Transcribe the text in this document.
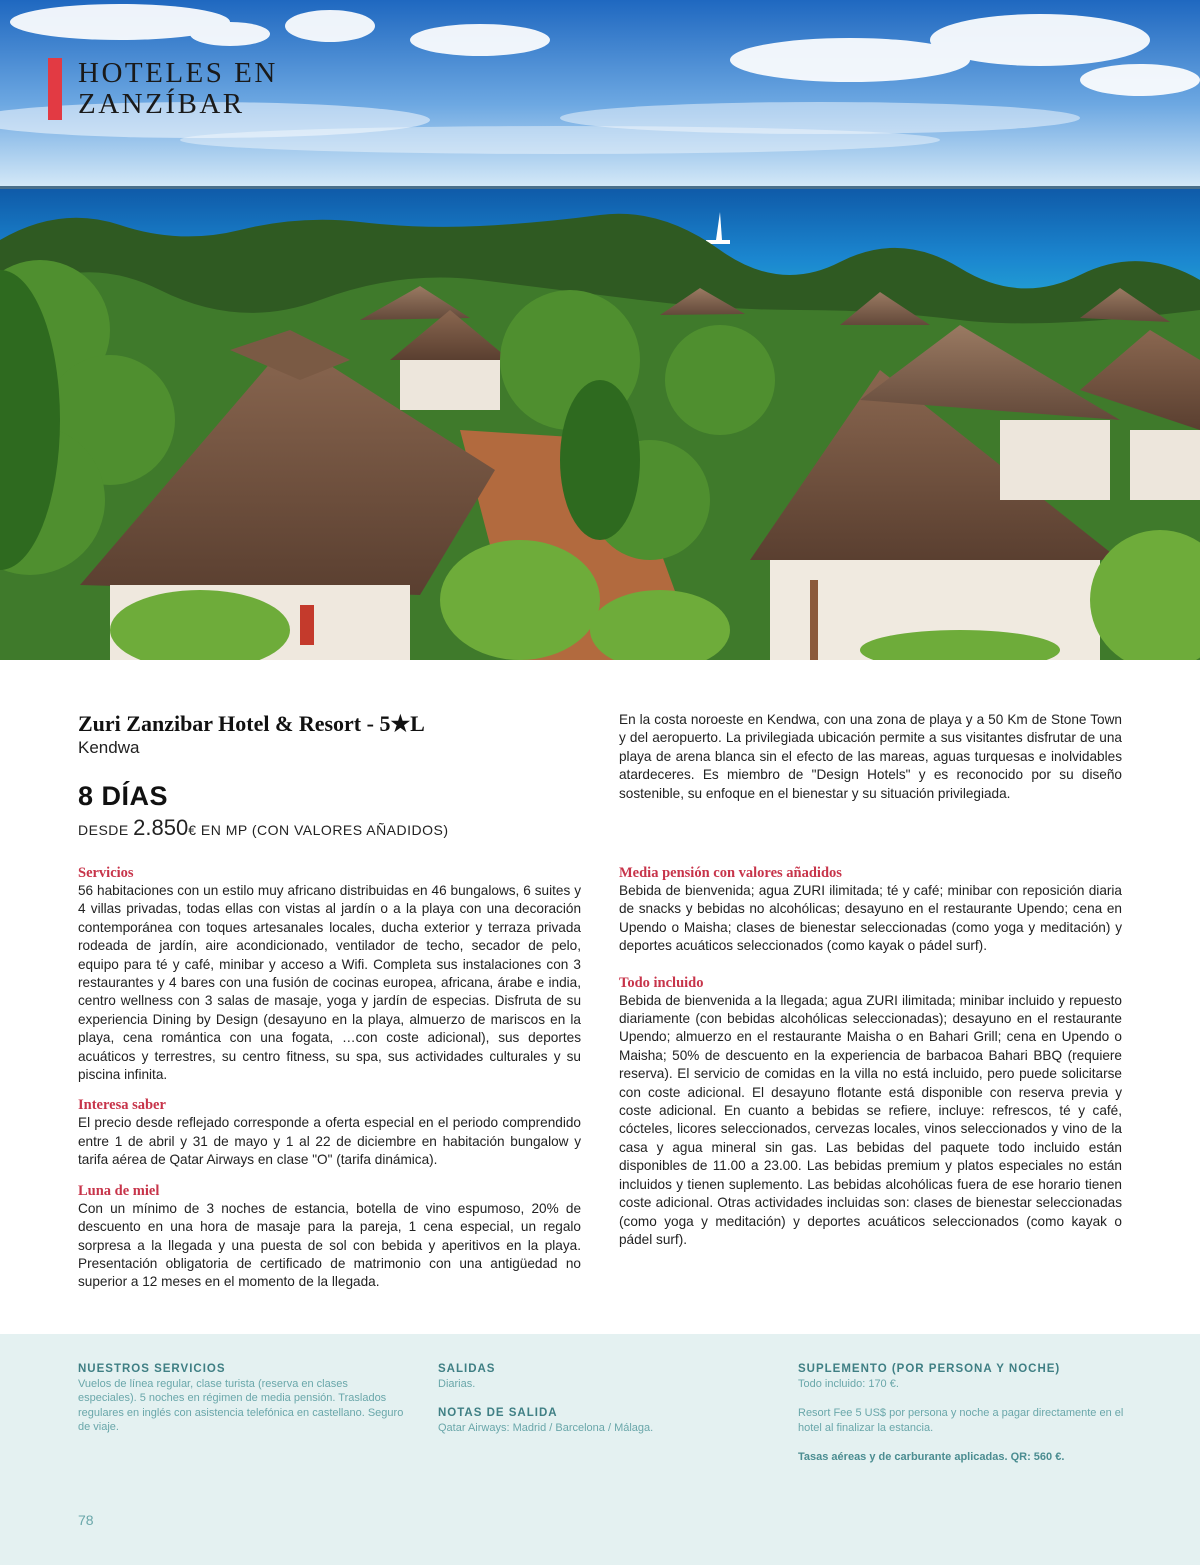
HOTELES EN
ZANZÍBAR
Zuri Zanzibar Hotel & Resort - 5★L
Kendwa
8 DÍAS
DESDE 2.850€ EN MP (CON VALORES AÑADIDOS)

En la costa noroeste en Kendwa, con una zona de playa y a 50 Km de Stone Town y del aeropuerto. La privilegiada ubicación permite a sus visitantes disfrutar de una playa de arena blanca sin el efecto de las mareas, aguas turquesas e inolvidables atardeceres. Es miembro de "Design Hotels" y es reconocido por su diseño sostenible, su enfoque en el bienestar y su situación privilegiada.

Servicios
56 habitaciones con un estilo muy africano distribuidas en 46 bungalows, 6 suites y 4 villas privadas, todas ellas con vistas al jardín o a la playa con una decoración contemporánea con toques artesanales locales, ducha exterior y terraza privada rodeada de jardín, aire acondicionado, ventilador de techo, secador de pelo, equipo para té y café, minibar y acceso a Wifi. Completa sus instalaciones con 3 restaurantes y 4 bares con una fusión de cocinas europea, africana, árabe e india, centro wellness con 3 salas de masaje, yoga y jardín de especias. Disfruta de su experiencia Dining by Design (desayuno en la playa, almuerzo de mariscos en la playa, cena romántica con una fogata, …con coste adicional), sus deportes acuáticos y terrestres, su centro fitness, su spa, sus actividades culturales y su piscina infinita.
Interesa saber
El precio desde reflejado corresponde a oferta especial en el periodo comprendido entre 1 de abril y 31 de mayo y 1 al 22 de diciembre en habitación bungalow y tarifa aérea de Qatar Airways en clase "O" (tarifa dinámica).
Luna de miel
Con un mínimo de 3 noches de estancia, botella de vino espumoso, 20% de descuento en una hora de masaje para la pareja, 1 cena especial, un regalo sorpresa a la llegada y una puesta de sol con bebida y aperitivos en la playa. Presentación obligatoria de certificado de matrimonio con una antigüedad no superior a 12 meses en el momento de la llegada.
Media pensión con valores añadidos
Bebida de bienvenida; agua ZURI ilimitada; té y café; minibar con reposición diaria de snacks y bebidas no alcohólicas; desayuno en el restaurante Upendo; cena en Upendo o Maisha; clases de bienestar seleccionadas (como yoga y meditación) y deportes acuáticos seleccionados (como kayak o pádel surf).
Todo incluido
Bebida de bienvenida a la llegada; agua ZURI ilimitada; minibar incluido y repuesto diariamente (con bebidas alcohólicas seleccionadas); desayuno en el restaurante Upendo; almuerzo en el restaurante Maisha o en Bahari Grill; cena en Upendo o Maisha; 50% de descuento en la experiencia de barbacoa Bahari BBQ (requiere reserva). El servicio de comidas en la villa no está incluido, pero puede solicitarse con coste adicional. El desayuno flotante está disponible con reserva previa y coste adicional. En cuanto a bebidas se refiere, incluye: refrescos, té y café, cócteles, licores seleccionados, cervezas locales, vinos seleccionados y vino de la casa y agua mineral sin gas. Las bebidas del paquete todo incluido están disponibles de 11.00 a 23.00. Las bebidas premium y platos especiales no están incluidos y tienen suplemento. Las bebidas alcohólicas fuera de ese horario tienen coste adicional. Otras actividades incluidas son: clases de bienestar seleccionadas (como yoga y meditación) y deportes acuáticos seleccionados (como kayak o pádel surf).
NUESTROS SERVICIOS
Vuelos de línea regular, clase turista (reserva en clases especiales). 5 noches en régimen de media pensión. Traslados regulares en inglés con asistencia telefónica en castellano. Seguro de viaje.
SALIDAS
Diarias.
NOTAS DE SALIDA
Qatar Airways: Madrid / Barcelona / Málaga.
SUPLEMENTO (POR PERSONA Y NOCHE)
Todo incluido: 170 €.
Resort Fee 5 US$ por persona y noche a pagar directamente en el hotel al finalizar la estancia.
Tasas aéreas y de carburante aplicadas. QR: 560 €.
78
